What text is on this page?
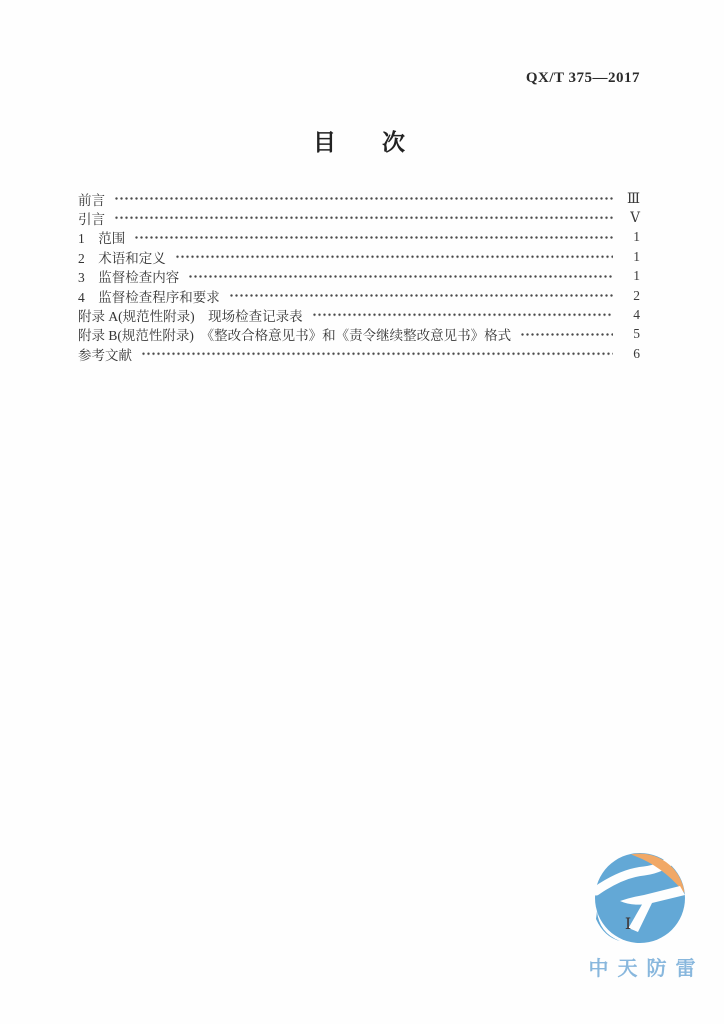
QX/T 375—2017
目　　次
前言	Ⅲ
引言	Ⅴ
1　范围	1
2　术语和定义	1
3　监督检查内容	1
4　监督检查程序和要求	2
附录 A(规范性附录)　现场检查记录表	4
附录 B(规范性附录)　《整改合格意见书》和《责令继续整改意见书》格式	5
参考文献	6
中天防雷
Ⅰ
